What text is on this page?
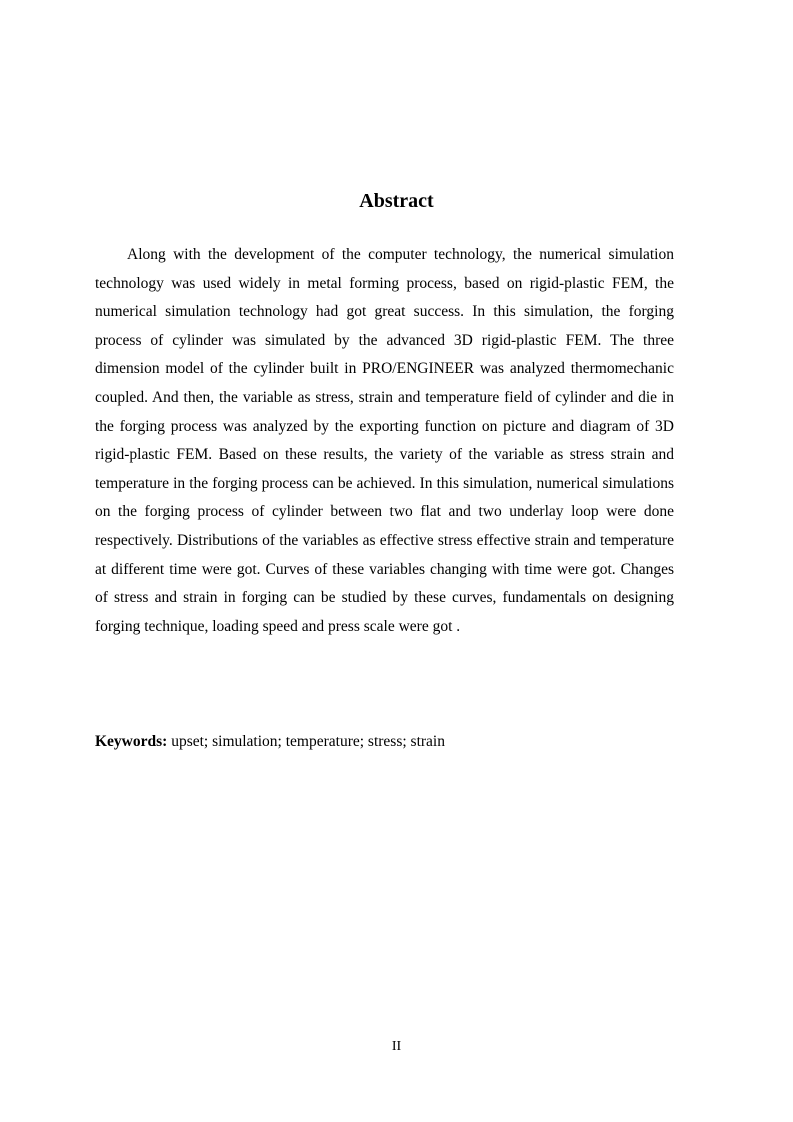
Abstract

Along with the development of the computer technology, the numerical simulation technology was used widely in metal forming process, based on rigid-plastic FEM, the numerical simulation technology had got great success. In this simulation, the forging process of cylinder was simulated by the advanced 3D rigid-plastic FEM. The three dimension model of the cylinder built in PRO/ENGINEER was analyzed thermomechanic coupled. And then, the variable as stress, strain and temperature field of cylinder and die in the forging process was analyzed by the exporting function on picture and diagram of 3D rigid-plastic FEM. Based on these results, the variety of the variable as stress strain and temperature in the forging process can be achieved. In this simulation, numerical simulations on the forging process of cylinder between two flat and two underlay loop were done respectively. Distributions of the variables as effective stress effective strain and temperature at different time were got. Curves of these variables changing with time were got. Changes of stress and strain in forging can be studied by these curves, fundamentals on designing forging technique, loading speed and press scale were got .

Keywords: upset; simulation; temperature; stress; strain

II
